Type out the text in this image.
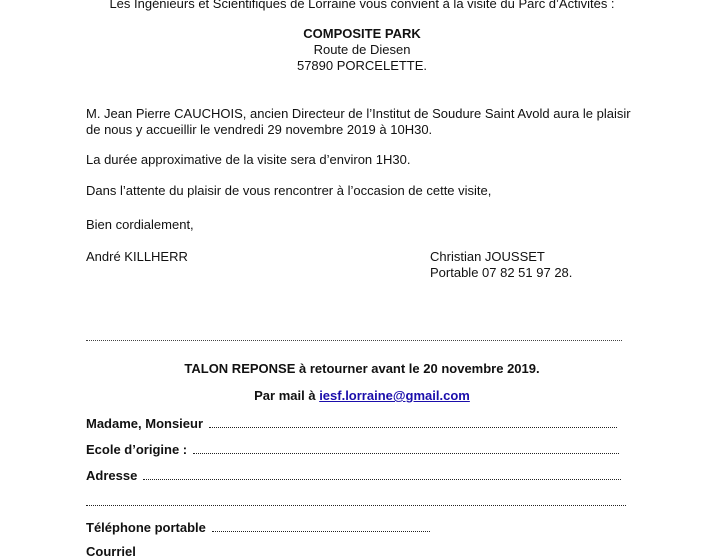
Les Ingénieurs et Scientifiques de Lorraine vous convient à la visite du Parc d’Activités :
COMPOSITE PARK
Route de Diesen
57890 PORCELETTE.
M. Jean Pierre CAUCHOIS, ancien Directeur de l’Institut de Soudure Saint Avold aura le plaisir
de nous y accueillir le vendredi 29 novembre 2019 à 10H30.
La durée approximative de la visite sera d’environ 1H30.
Dans l’attente du plaisir de vous rencontrer à l’occasion de cette visite,
Bien cordialement,
André KILLHERR	Christian JOUSSET
Portable 07 82 51 97 28.
TALON REPONSE à retourner avant le 20 novembre 2019.
Par mail à iesf.lorraine@gmail.com
Madame, Monsieur
Ecole d’origine :
Adresse
Téléphone portable
Courriel
